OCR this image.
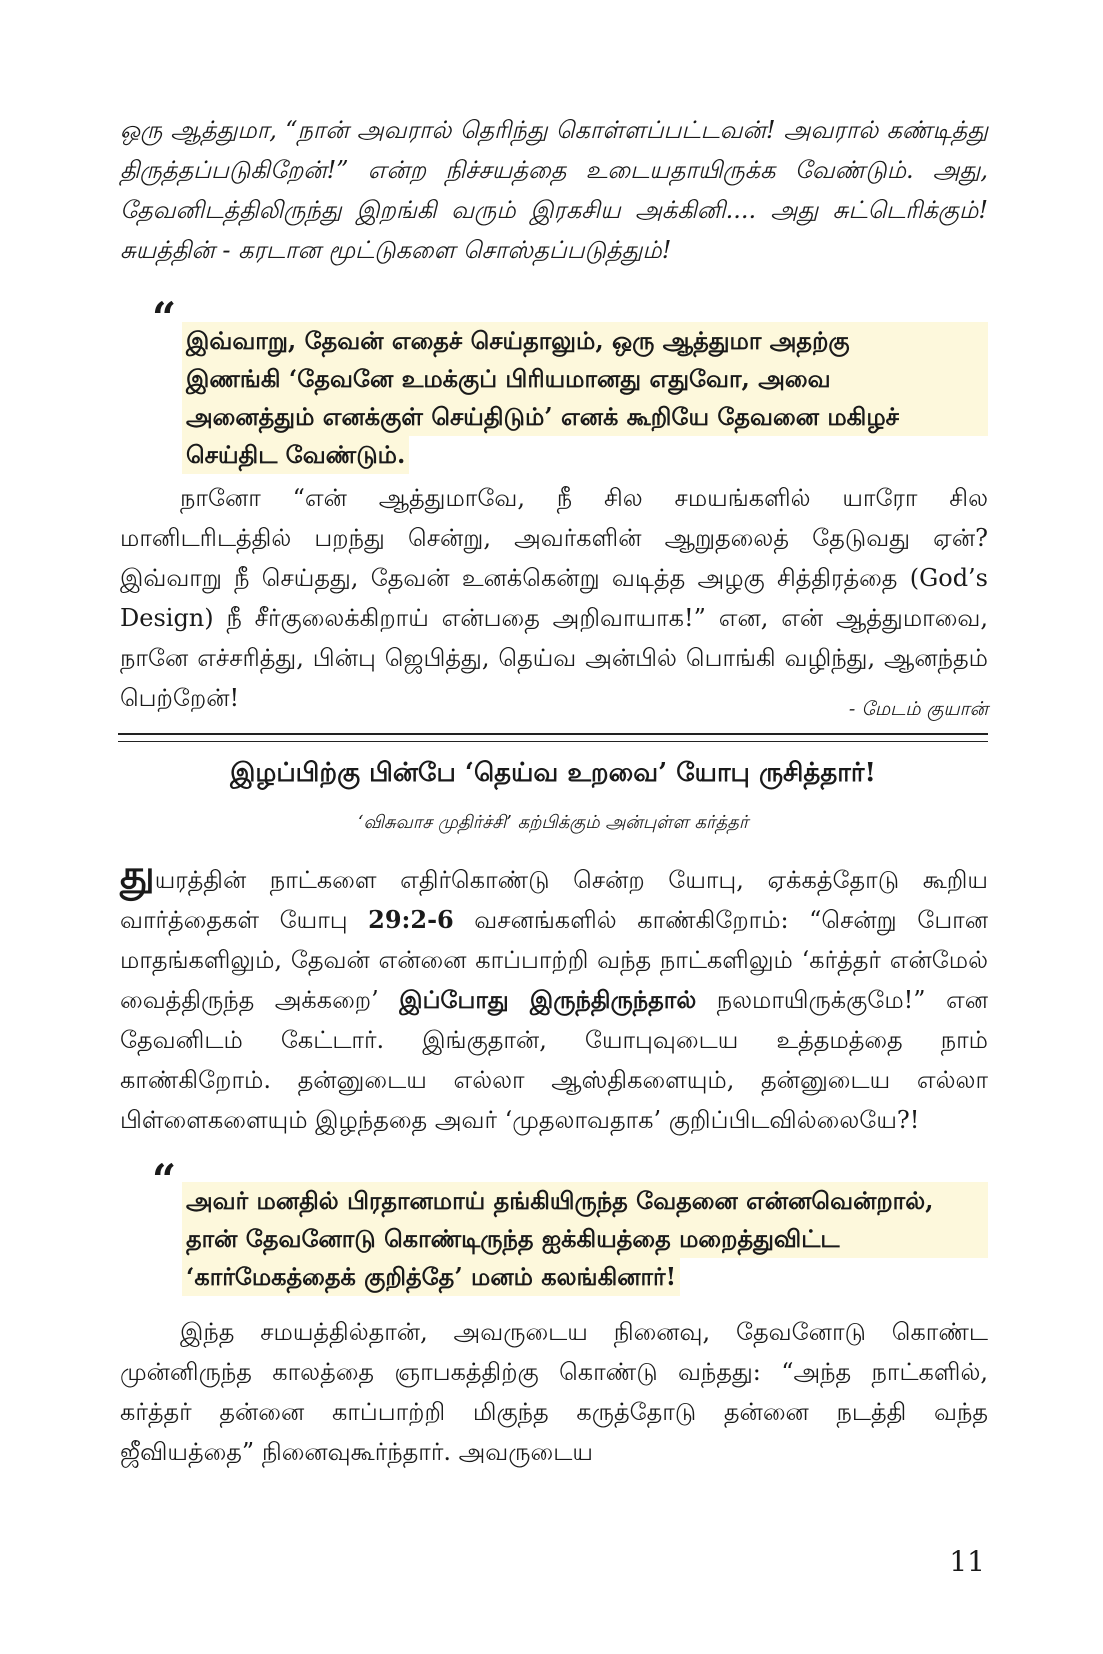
ஒரு ஆத்துமா, “நான் அவரால் தெரிந்து கொள்ளப்பட்டவன்! அவரால் கண்டித்து திருத்தப்படுகிறேன்!” என்ற நிச்சயத்தை உடையதாயிருக்க வேண்டும். அது, தேவனிடத்திலிருந்து இறங்கி வரும் இரகசிய அக்கினி.... அது சுட்டெரிக்கும்! சுயத்தின் - கரடான மூட்டுகளை சொஸ்தப்படுத்தும்!

“ இவ்வாறு, தேவன் எதைச் செய்தாலும், ஒரு ஆத்துமா அதற்கு
இணங்கி ‘தேவனே உமக்குப் பிரியமானது எதுவோ, அவை
அனைத்தும் எனக்குள் செய்திடும்’ எனக் கூறியே தேவனை மகிழச்
செய்திட வேண்டும்.

நானோ “என் ஆத்துமாவே, நீ சில சமயங்களில் யாரோ சில மானிடரிடத்தில் பறந்து சென்று, அவர்களின் ஆறுதலைத் தேடுவது ஏன்? இவ்வாறு நீ செய்தது, தேவன் உனக்கென்று வடித்த அழகு சித்திரத்தை (God’s Design) நீ சீர்குலைக்கிறாய் என்பதை அறிவாயாக!” என, என் ஆத்துமாவை, நானே எச்சரித்து, பின்பு ஜெபித்து, தெய்வ அன்பில் பொங்கி வழிந்து, ஆனந்தம் பெற்றேன்!	- மேடம் குயான்
இழப்பிற்கு பின்பே ‘தெய்வ உறவை’ யோபு ருசித்தார்!
‘விசுவாச முதிர்ச்சி’ கற்பிக்கும் அன்புள்ள கர்த்தர்

துயரத்தின் நாட்களை எதிர்கொண்டு சென்ற யோபு, ஏக்கத்தோடு கூறிய வார்த்தைகள் யோபு 29:2-6 வசனங்களில் காண்கிறோம்: “சென்று போன மாதங்களிலும், தேவன் என்னை காப்பாற்றி வந்த நாட்களிலும் ‘கர்த்தர் என்மேல் வைத்திருந்த அக்கறை’ இப்போது இருந்திருந்தால் நலமாயிருக்குமே!” என தேவனிடம் கேட்டார். இங்குதான், யோபுவுடைய உத்தமத்தை நாம் காண்கிறோம். தன்னுடைய எல்லா ஆஸ்திகளையும், தன்னுடைய எல்லா பிள்ளைகளையும் இழந்ததை அவர் ‘முதலாவதாக’ குறிப்பிடவில்லையே?!

“ அவர் மனதில் பிரதானமாய் தங்கியிருந்த வேதனை என்னவென்றால்,
தான் தேவனோடு கொண்டிருந்த ஐக்கியத்தை மறைத்துவிட்ட
‘கார்மேகத்தைக் குறித்தே’ மனம் கலங்கினார்!

இந்த சமயத்தில்தான், அவருடைய நினைவு, தேவனோடு கொண்ட முன்னிருந்த காலத்தை ஞாபகத்திற்கு கொண்டு வந்தது: “அந்த நாட்களில், கர்த்தர் தன்னை காப்பாற்றி மிகுந்த கருத்தோடு தன்னை நடத்தி வந்த ஜீவியத்தை” நினைவுகூர்ந்தார். அவருடைய

11
